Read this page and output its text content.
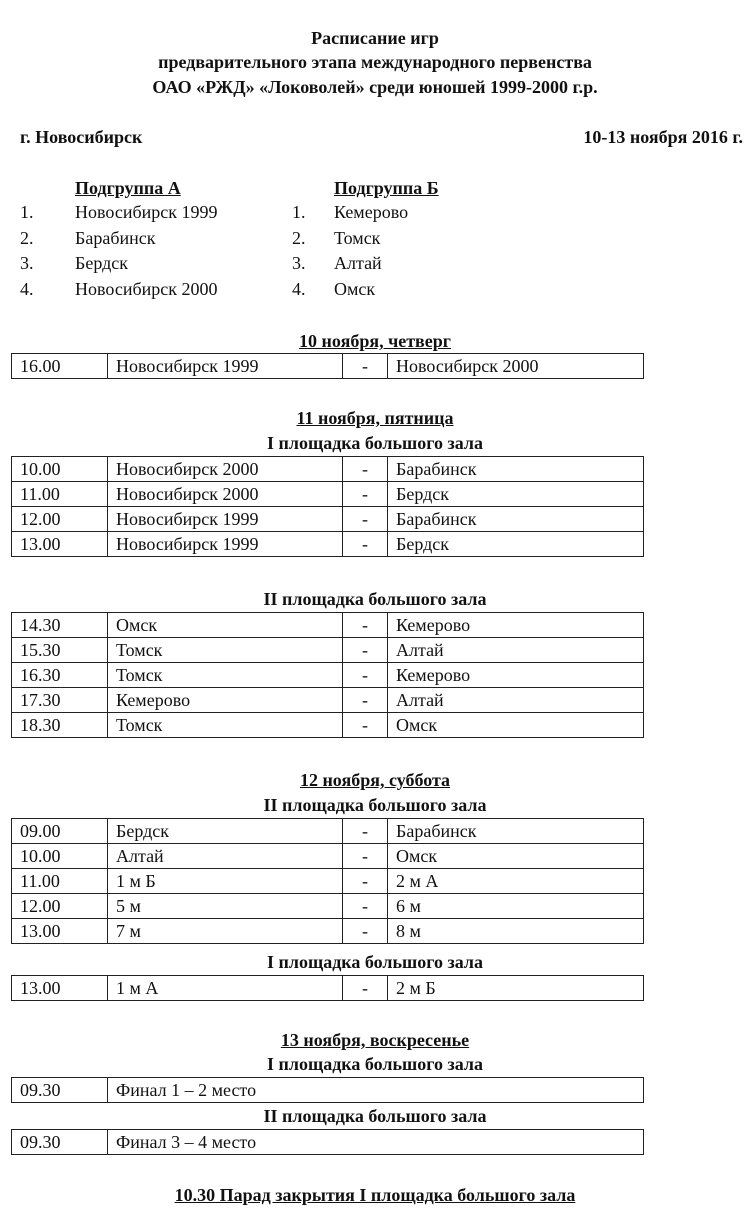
Расписание игр
предварительного этапа международного первенства
ОАО «РЖД» «Локоволей» среди юношей 1999-2000 г.р.
г. Новосибирск	10-13 ноября 2016 г.
Подгруппа А	Подгруппа Б
1. Новосибирск 1999
2. Барабинск
3. Бердск
4. Новосибирск 2000
1. Кемерово
2. Томск
3. Алтай
4. Омск
10 ноября, четверг
16.00	Новосибирск 1999	-	Новосибирск 2000
11 ноября, пятница
I площадка большого зала
10.00	Новосибирск 2000	-	Барабинск
11.00	Новосибирск 2000	-	Бердск
12.00	Новосибирск 1999	-	Барабинск
13.00	Новосибирск 1999	-	Бердск
II площадка большого зала
14.30	Омск	-	Кемерово
15.30	Томск	-	Алтай
16.30	Томск	-	Кемерово
17.30	Кемерово	-	Алтай
18.30	Томск	-	Омск
12 ноября, суббота
II площадка большого зала
09.00	Бердск	-	Барабинск
10.00	Алтай	-	Омск
11.00	1 м Б	-	2 м А
12.00	5 м	-	6 м
13.00	7 м	-	8 м
I площадка большого зала
13.00	1 м А	-	2 м Б
13 ноября, воскресенье
I площадка большого зала
09.30	Финал 1 – 2 место
II площадка большого зала
09.30	Финал 3 – 4 место
10.30 Парад закрытия I площадка большого зала
